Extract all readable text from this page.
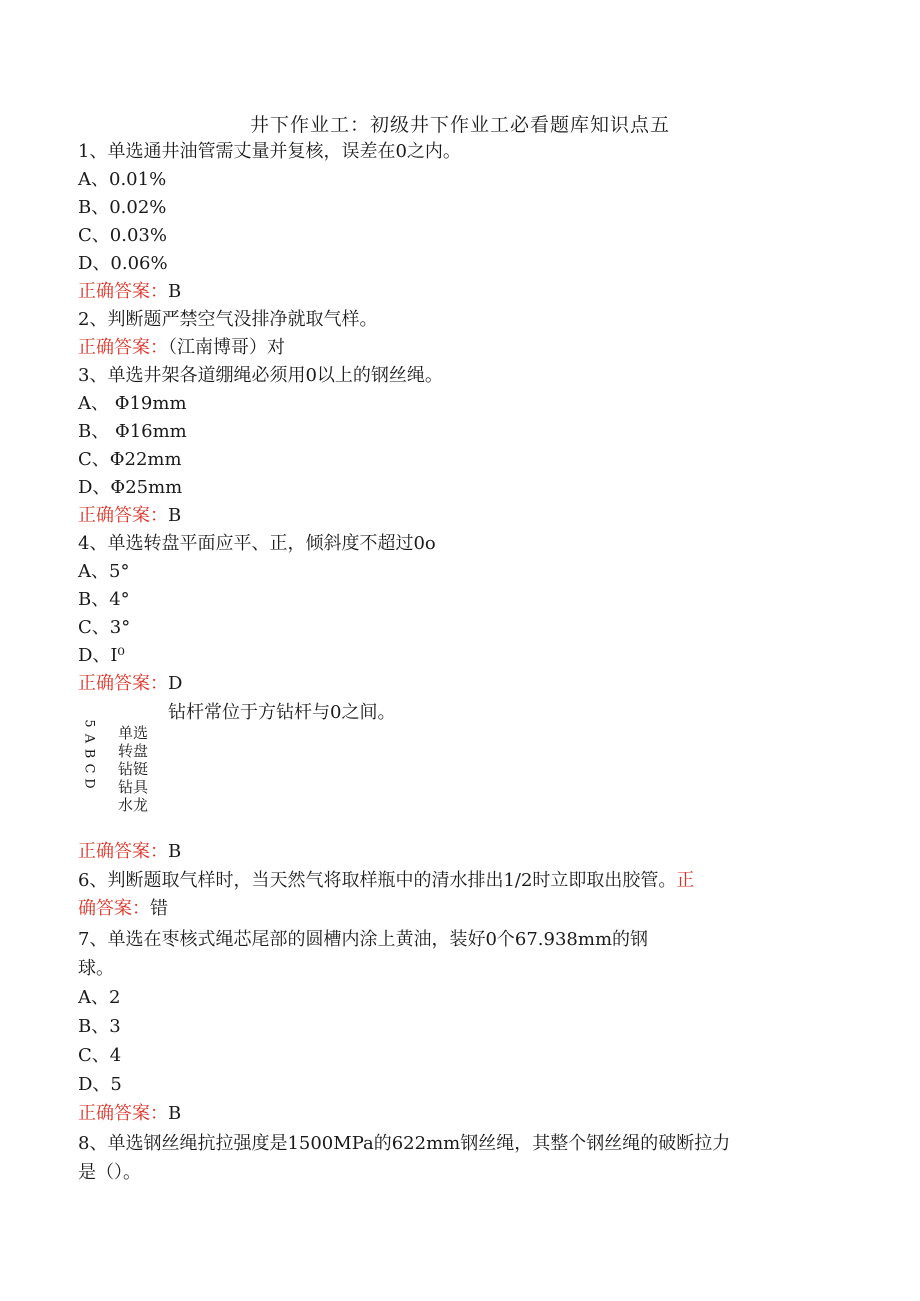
井下作业工：初级井下作业工必看题库知识点五
1、单选通井油管需丈量并复核，误差在0之内。
A、0.01%
B、0.02%
C、0.03%
D、0.06%
正确答案：B
2、判断题严禁空气没排净就取气样。
正确答案：（江南博哥）对
3、单选井架各道绷绳必须用0以上的钢丝绳。
A、 Φ19mm
B、 Φ16mm
C、Φ22mm
D、Φ25mm
正确答案：B
4、单选转盘平面应平、正，倾斜度不超过0o
A、5°
B、4°
C、3°
D、I⁰
正确答案：D
钻杆常位于方钻杆与0之间。
5
A
B
C
D
单选
转盘
钻铤
钻具
水龙
正确答案：B
6、判断题取气样时，当天然气将取样瓶中的清水排出1/2时立即取出胶管。正
确答案：错
7、单选在枣核式绳芯尾部的圆槽内涂上黄油，装好0个67.938mm的钢
球。
A、2
B、3
C、4
D、5
正确答案：B
8、单选钢丝绳抗拉强度是1500MPa的622mm钢丝绳，其整个钢丝绳的破断拉力
是（）。
